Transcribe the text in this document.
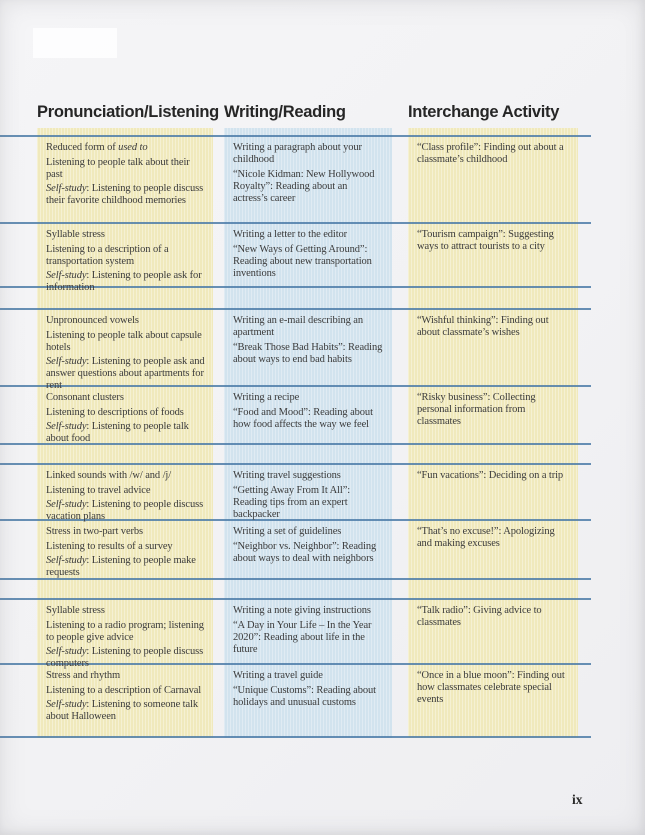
Pronunciation/Listening Writing/Reading	Interchange Activity

Reduced form of used to

Listening to people talk about their past

Self-study: Listening to people discuss their favorite childhood memories

Writing a paragraph about your childhood

“Nicole Kidman: New Hollywood Royalty”: Reading about an actress’s career

“Class profile”: Finding out about a classmate’s childhood

Syllable stress

Listening to a description of a transportation system

Self-study: Listening to people ask for information

Writing a letter to the editor

“New Ways of Getting Around”: Reading about new transportation inventions

“Tourism campaign”: Suggesting ways to attract tourists to a city

Unpronounced vowels

Listening to people talk about capsule hotels

Self-study: Listening to people ask and answer questions about apartments for rent

Writing an e-mail describing an apartment

“Break Those Bad Habits”: Reading about ways to end bad habits

“Wishful thinking”: Finding out about classmate’s wishes

Consonant clusters

Listening to descriptions of foods

Self-study: Listening to people talk about food

Writing a recipe

“Food and Mood”: Reading about how food affects the way we feel

“Risky business”: Collecting personal information from classmates

Linked sounds with /w/ and /j/

Listening to travel advice

Self-study: Listening to people discuss vacation plans

Writing travel suggestions

“Getting Away From It All”: Reading tips from an expert backpacker

“Fun vacations”: Deciding on a trip

Stress in two-part verbs

Listening to results of a survey

Self-study: Listening to people make requests

Writing a set of guidelines

“Neighbor vs. Neighbor”: Reading about ways to deal with neighbors

“That’s no excuse!”: Apologizing and making excuses

Syllable stress

Listening to a radio program; listening to people give advice

Self-study: Listening to people discuss computers

Writing a note giving instructions

“A Day in Your Life – In the Year 2020”: Reading about life in the future

“Talk radio”: Giving advice to classmates

Stress and rhythm

Listening to a description of Carnaval

Self-study: Listening to someone talk about Halloween

Writing a travel guide

“Unique Customs”: Reading about holidays and unusual customs

“Once in a blue moon”: Finding out how classmates celebrate special events

ix
